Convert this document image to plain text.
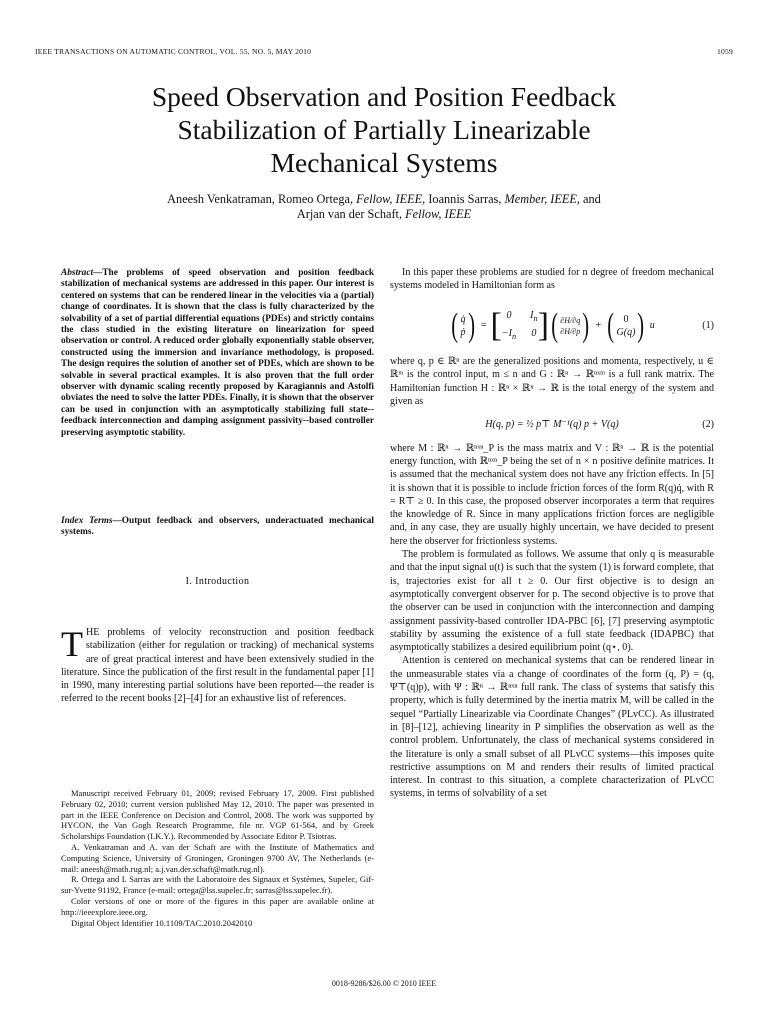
IEEE TRANSACTIONS ON AUTOMATIC CONTROL, VOL. 55, NO. 5, MAY 2010	1059
Speed Observation and Position Feedback
Stabilization of Partially Linearizable
Mechanical Systems
Aneesh Venkatraman, Romeo Ortega, Fellow, IEEE, Ioannis Sarras, Member, IEEE, and
Arjan van der Schaft, Fellow, IEEE
Abstract—The problems of speed observation and position feedback stabilization of mechanical systems are addressed in this paper. Our interest is centered on systems that can be rendered linear in the velocities via a (partial) change of coordinates. It is shown that the class is fully characterized by the solvability of a set of partial differential equations (PDEs) and strictly contains the class studied in the existing literature on linearization for speed observation or control. A reduced order globally exponentially stable observer, constructed using the immersion and invariance methodology, is proposed. The design requires the solution of another set of PDEs, which are shown to be solvable in several practical examples. It is also proven that the full order observer with dynamic scaling recently proposed by Karagiannis and Astolfi obviates the need to solve the latter PDEs. Finally, it is shown that the observer can be used in conjunction with an asymptotically stabilizing full state--feedback interconnection and damping assignment passivity--based controller preserving asymptotic stability.
Index Terms—Output feedback and observers, underactuated mechanical systems.
I. Introduction
THE problems of velocity reconstruction and position feedback stabilization (either for regulation or tracking) of mechanical systems are of great practical interest and have been extensively studied in the literature. Since the publication of the first result in the fundamental paper [1] in 1990, many interesting partial solutions have been reported—the reader is referred to the recent books [2]–[4] for an exhaustive list of references.

Manuscript received February 01, 2009; revised February 17, 2009. First published February 02, 2010; current version published May 12, 2010. The paper was presented in part in the IEEE Conference on Decision and Control, 2008. The work was supported by HYCON, the Van Gogh Research Programme, file nr. VGP 61-564, and by Greek Scholarships Foundation (I.K.Y.). Recommended by Associate Editor P. Tsiotras.

A. Venkatraman and A. van der Schaft are with the Institute of Mathematics and Computing Science, University of Groningen, Groningen 9700 AV, The Netherlands (e-mail: aneesh@math.rug.nl; a.j.van.der.schaft@math.rug.nl).

R. Ortega and I. Sarras are with the Laboratoire des Signaux et Systémes, Supelec, Gif-sur-Yvette 91192, France (e-mail: ortega@lss.supelec.fr; sarras@lss.supelec.fr).

Color versions of one or more of the figures in this paper are available online at http://ieeexplore.ieee.org.

Digital Object Identifier 10.1109/TAC.2010.2042010

In this paper these problems are studied for n degree of freedom mechanical systems modeled in Hamiltonian form as

( q̇
ṗ ) = [ 0	$I_n$
$-I_n$ 0 ] ( ∂H/∂q
∂H/∂p ) + ( 0
G(q) ) u	(1)

where q, p ∈ ℝⁿ are the generalized positions and momenta, respectively, u ∈ ℝᵐ is the control input, m ≤ n and G : ℝⁿ → ℝⁿˣᵐ is a full rank matrix. The Hamiltonian function H : ℝⁿ × ℝⁿ → ℝ is the total energy of the system and given as

H(q, p) = ½ p⊤ M⁻¹(q) p + V(q)	(2)

where M : ℝⁿ → ℝⁿˣⁿ_P is the mass matrix and V : ℝⁿ → ℝ is the potential energy function, with ℝⁿˣⁿ_P being the set of n × n positive definite matrices. It is assumed that the mechanical system does not have any friction effects. In [5] it is shown that it is possible to include friction forces of the form R(q)q̇, with R = R⊤ ≥ 0. In this case, the proposed observer incorporates a term that requires the knowledge of R. Since in many applications friction forces are negligible and, in any case, they are usually highly uncertain, we have decided to present here the observer for frictionless systems.

The problem is formulated as follows. We assume that only q is measurable and that the input signal u(t) is such that the system (1) is forward complete, that is, trajectories exist for all t ≥ 0. Our first objective is to design an asymptotically convergent observer for p. The second objective is to prove that the observer can be used in conjunction with the interconnection and damping assignment passivity-based controller IDA-PBC [6], [7] preserving asymptotic stability by assuming the existence of a full state feedback (IDAPBC) that asymptotically stabilizes a desired equilibrium point (q⋆, 0).

Attention is centered on mechanical systems that can be rendered linear in the unmeasurable states via a change of coordinates of the form (q, P) = (q, Ψ⊤(q)p), with Ψ : ℝⁿ → ℝⁿˣⁿ full rank. The class of systems that satisfy this property, which is fully determined by the inertia matrix M, will be called in the sequel “Partially Linearizable via Coordinate Changes” (PLvCC). As illustrated in [8]–[12], achieving linearity in P simplifies the observation as well as the control problem. Unfortunately, the class of mechanical systems considered in the literature is only a small subset of all PLvCC systems—this imposes quite restrictive assumptions on M and renders their results of limited practical interest. In contrast to this situation, a complete characterization of PLvCC systems, in terms of solvability of a set

0018-9286/$26.00 © 2010 IEEE
